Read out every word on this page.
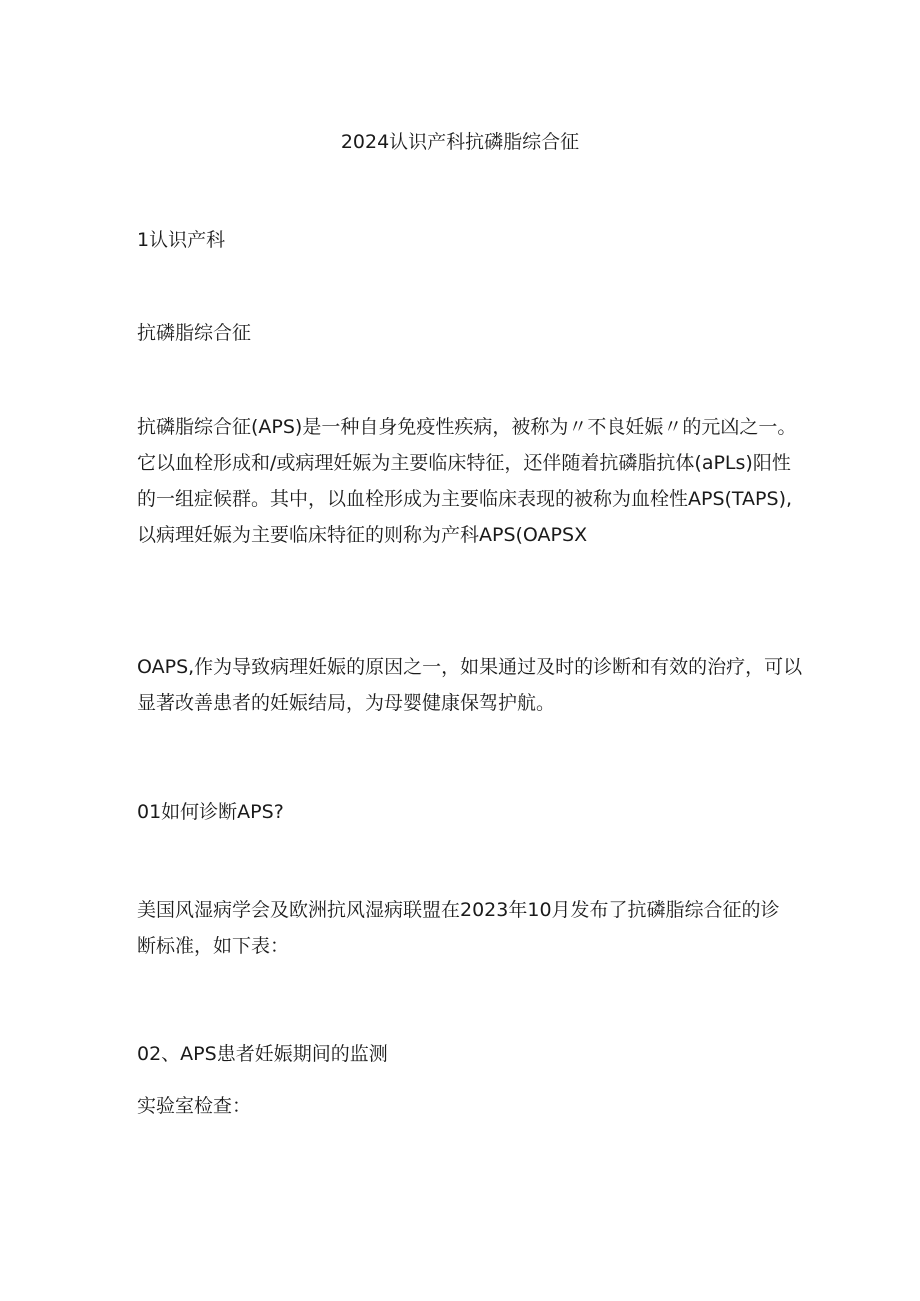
2024认识产科抗磷脂综合征
1认识产科
抗磷脂综合征
抗磷脂综合征(APS)是一种自身免疫性疾病，被称为〃不良妊娠〃的元凶之一。
它以血栓形成和/或病理妊娠为主要临床特征，还伴随着抗磷脂抗体(aPLs)阳性
的一组症候群。其中，以血栓形成为主要临床表现的被称为血栓性APS(TAPS),
以病理妊娠为主要临床特征的则称为产科APS(OAPSX
OAPS,作为导致病理妊娠的原因之一，如果通过及时的诊断和有效的治疗，可以
显著改善患者的妊娠结局，为母婴健康保驾护航。
01如何诊断APS?
美国风湿病学会及欧洲抗风湿病联盟在2023年10月发布了抗磷脂综合征的诊
断标准，如下表：
02、APS患者妊娠期间的监测
实验室检查：
